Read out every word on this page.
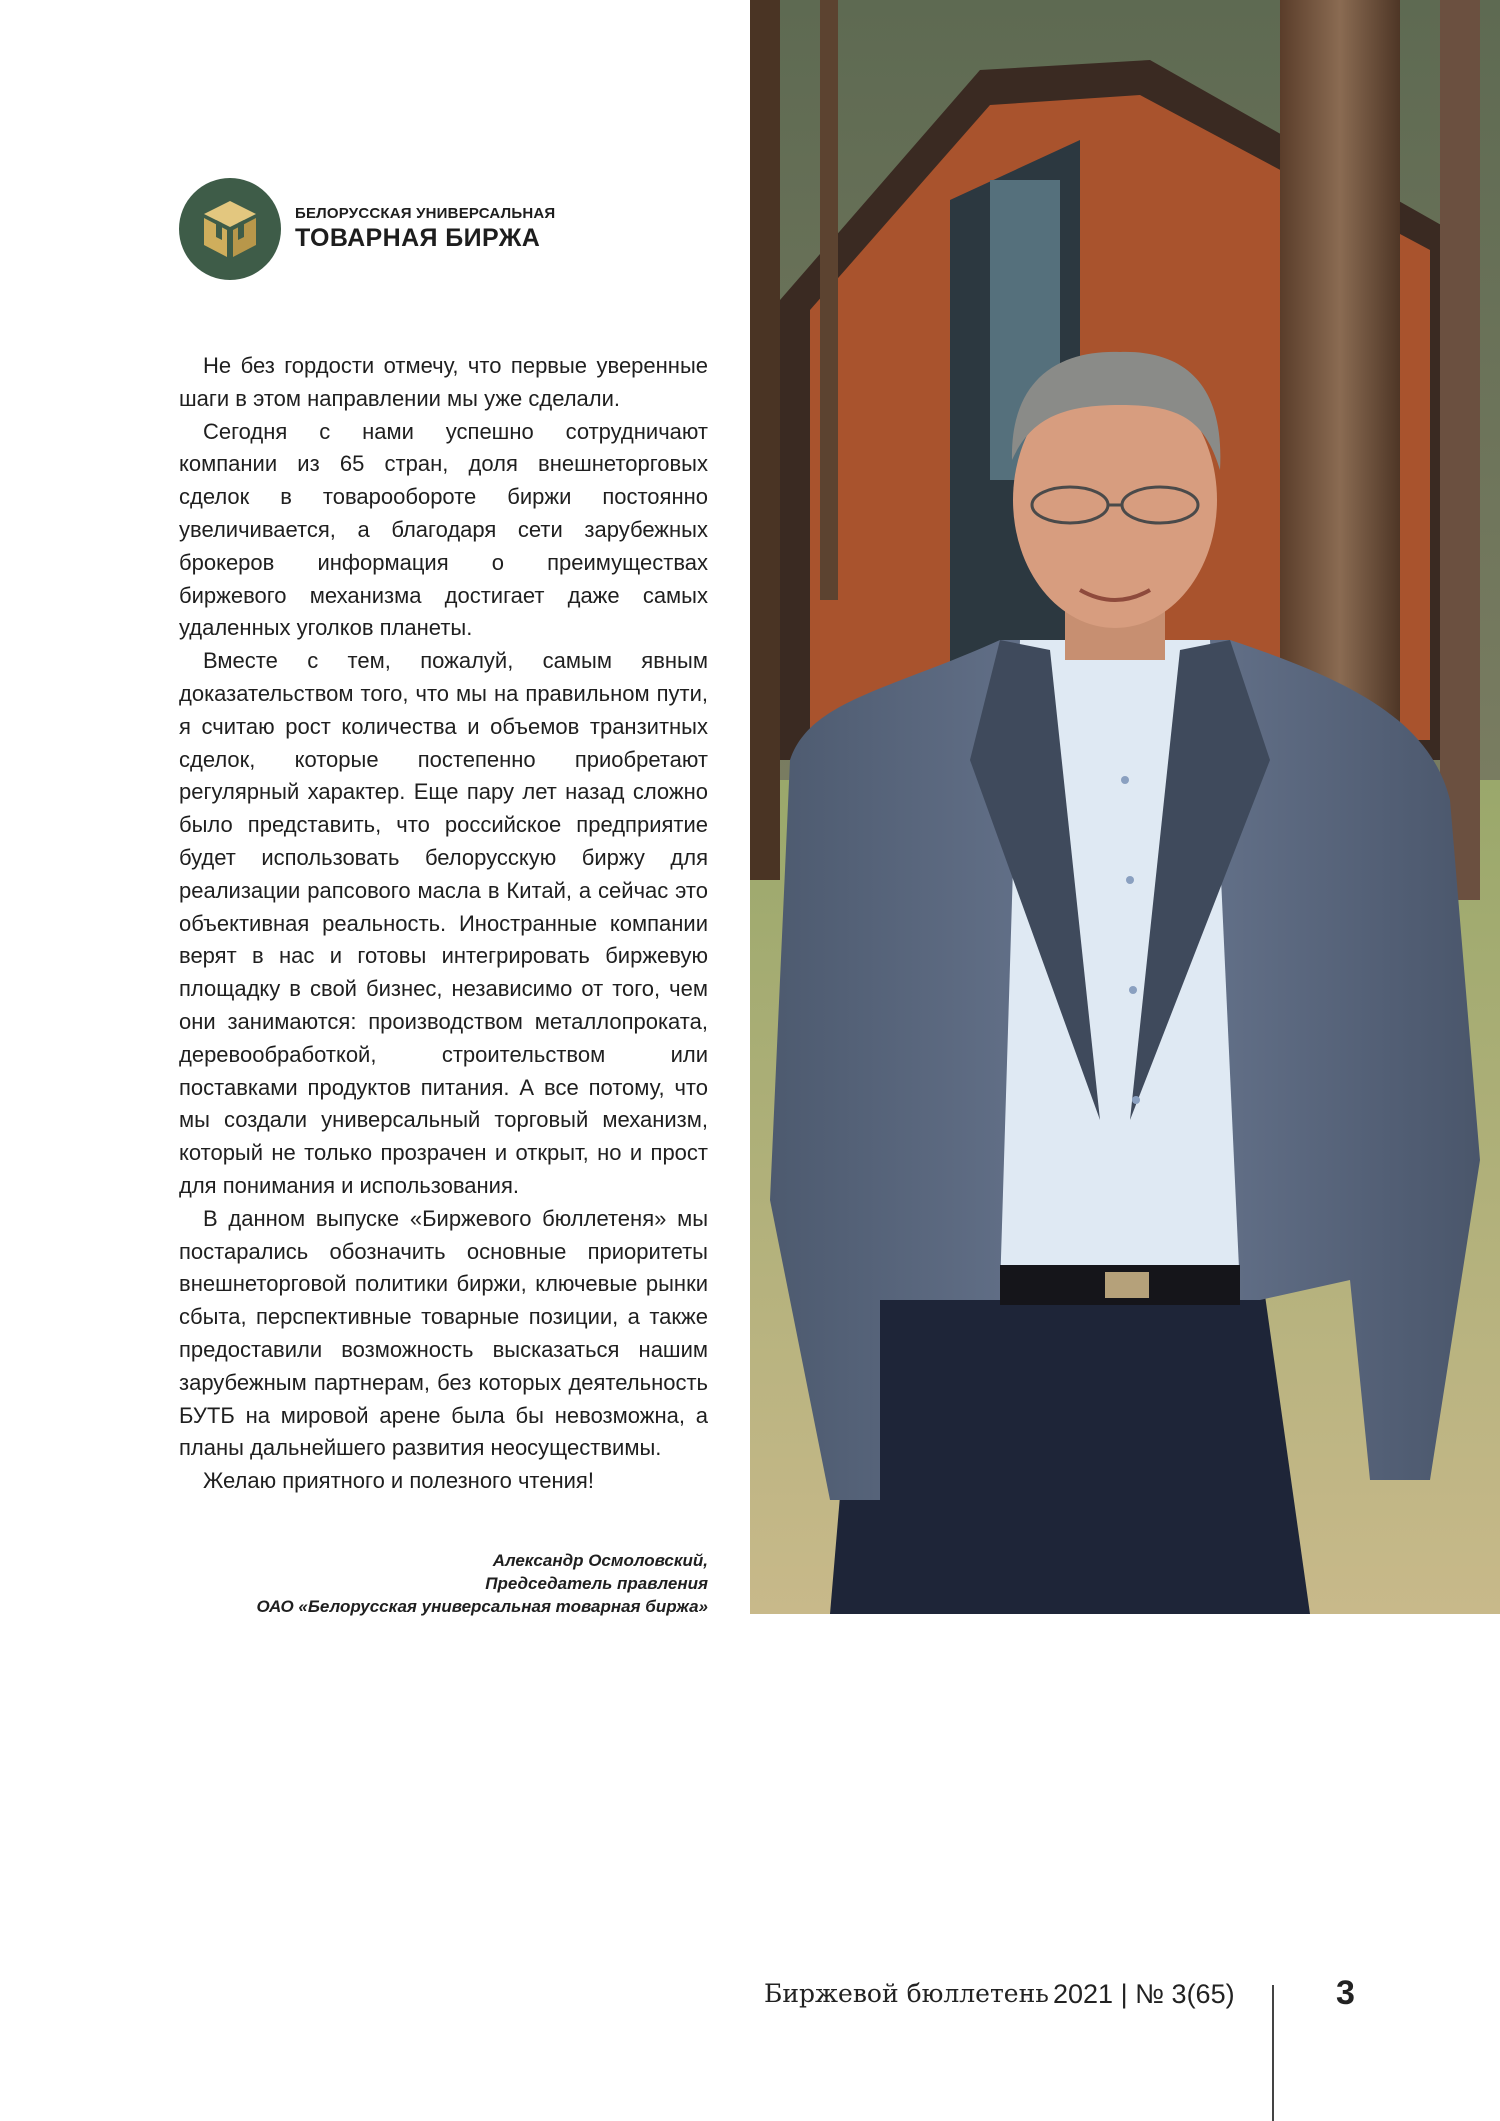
БЕЛОРУССКАЯ УНИВЕРСАЛЬНАЯ
ТОВАРНАЯ БИРЖА

Не без гордости отмечу, что первые уверенные шаги в этом направлении мы уже сделали.

Сегодня с нами успешно сотрудничают компании из 65 стран, доля внешнеторговых сделок в товарообороте биржи постоянно увеличивается, а благодаря сети зарубежных брокеров информация о преимуществах биржевого механизма достигает даже самых удаленных уголков планеты.

Вместе с тем, пожалуй, самым явным доказательством того, что мы на правильном пути, я считаю рост количества и объемов транзитных сделок, которые постепенно приобретают регулярный характер. Еще пару лет назад сложно было представить, что российское предприятие будет использовать белорусскую биржу для реализации рапсового масла в Китай, а сейчас это объективная реальность. Иностранные компании верят в нас и готовы интегрировать биржевую площадку в свой бизнес, независимо от того, чем они занимаются: производством металлопроката, деревообработкой, строительством или поставками продуктов питания. А все потому, что мы создали универсальный торговый механизм, который не только прозрачен и открыт, но и прост для понимания и использования.

В данном выпуске «Биржевого бюллетеня» мы постарались обозначить основные приоритеты внешнеторговой политики биржи, ключевые рынки сбыта, перспективные товарные позиции, а также предоставили возможность высказаться нашим зарубежным партнерам, без которых деятельность БУТБ на мировой арене была бы невозможна, а планы дальнейшего развития неосуществимы.

Желаю приятного и полезного чтения!

Александр Осмоловский,
Председатель правления
ОАО «Белорусская универсальная товарная биржа»
Биржевой бюллетень 2021 | № 3(65)	3
